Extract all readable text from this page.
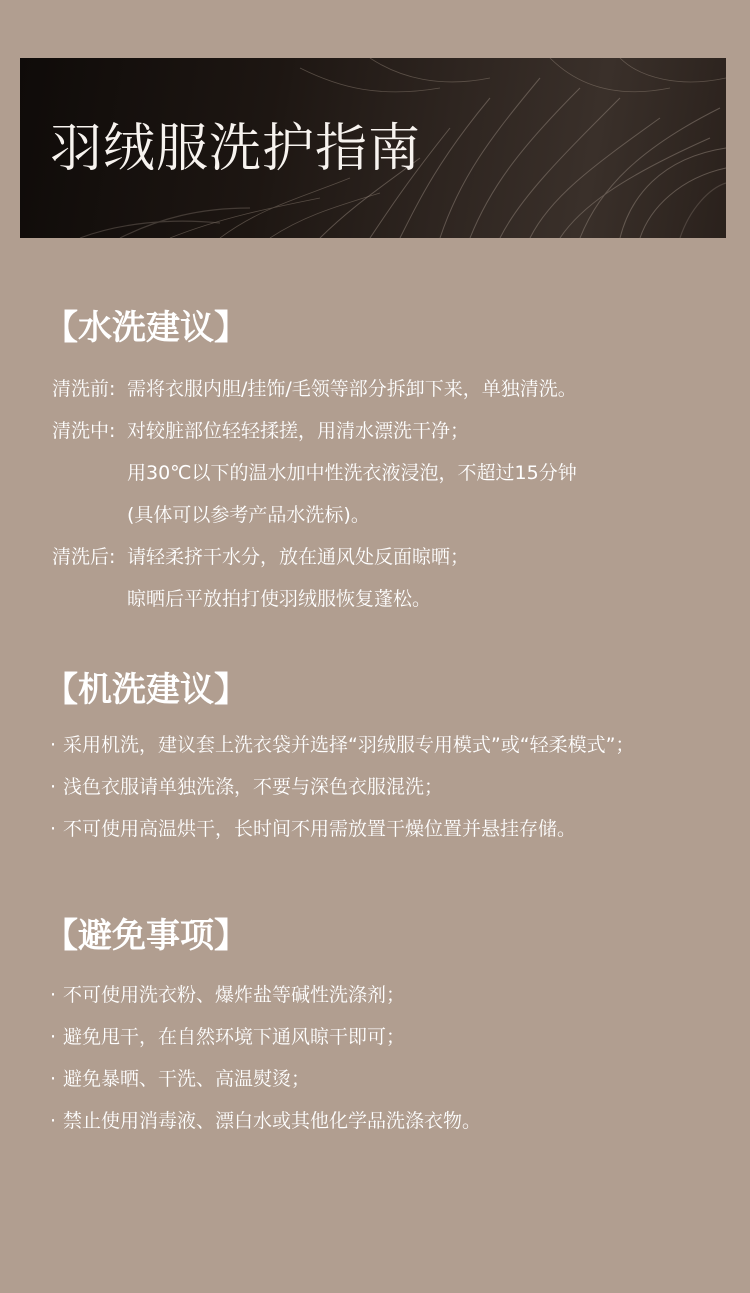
羽绒服洗护指南
【水洗建议】
清洗前: 需将衣服内胆/挂饰/毛领等部分拆卸下来，单独清洗。
清洗中: 对较脏部位轻轻揉搓，用清水漂洗干净；
用30℃以下的温水加中性洗衣液浸泡，不超过15分钟
(具体可以参考产品水洗标)。
清洗后: 请轻柔挤干水分，放在通风处反面晾晒；
晾晒后平放拍打使羽绒服恢复蓬松。
【机洗建议】
· 采用机洗，建议套上洗衣袋并选择“羽绒服专用模式”或“轻柔模式”；
· 浅色衣服请单独洗涤，不要与深色衣服混洗；
· 不可使用高温烘干，长时间不用需放置干燥位置并悬挂存储。
【避免事项】
· 不可使用洗衣粉、爆炸盐等碱性洗涤剂；
· 避免甩干，在自然环境下通风晾干即可；
· 避免暴晒、干洗、高温熨烫；
· 禁止使用消毒液、漂白水或其他化学品洗涤衣物。
